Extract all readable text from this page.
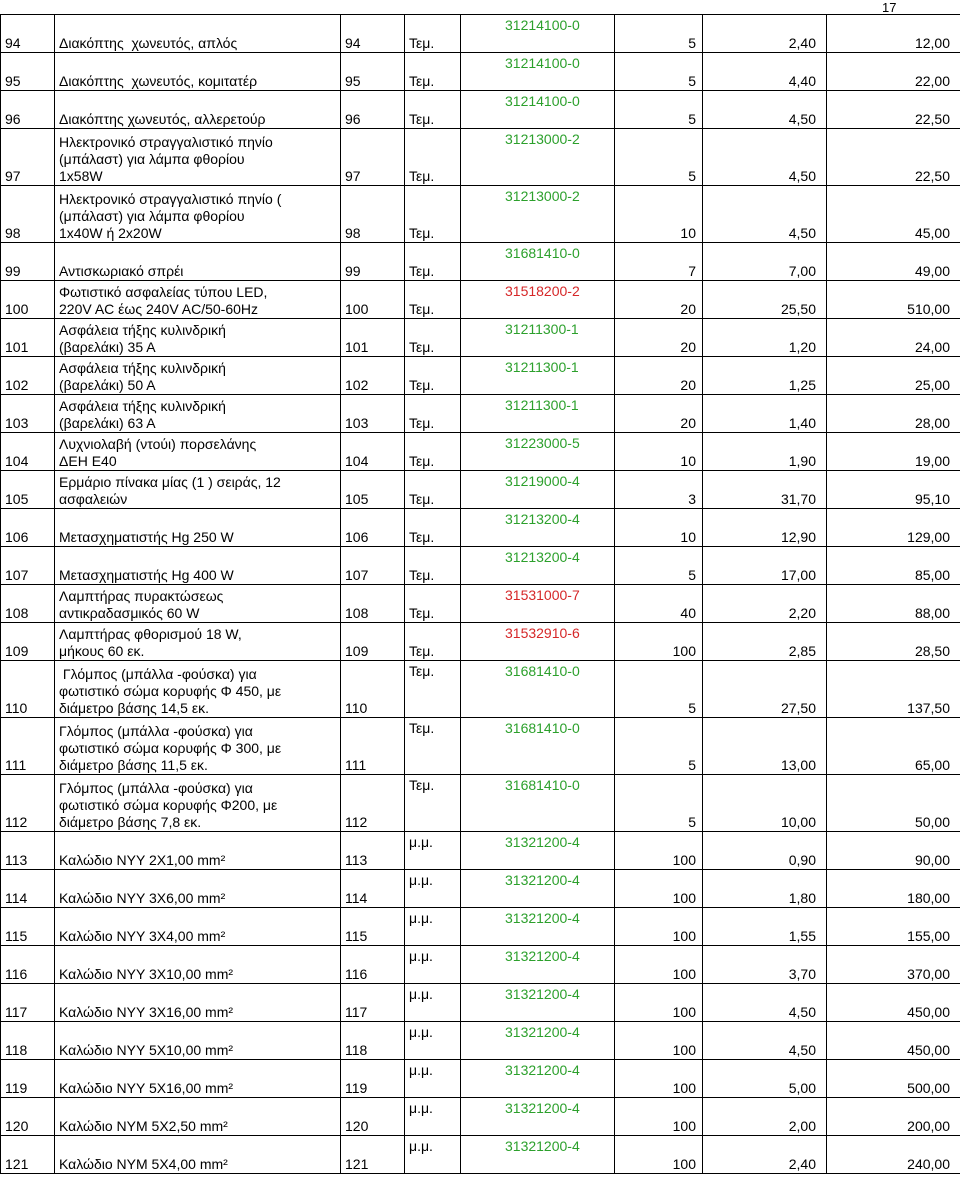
17
94	Διακόπτης  χωνευτός, απλός	94	Τεμ.	31214100-0	5	2,40	12,00
95	Διακόπτης  χωνευτός, κομιτατέρ	95	Τεμ.	31214100-0	5	4,40	22,00
96	Διακόπτης χωνευτός, αλλερετούρ	96	Τεμ.	31214100-0	5	4,50	22,50
97	Ηλεκτρονικό στραγγαλιστικό πηνίο
(μπάλαστ) για λάμπα φθορίου
1x58W	97	Τεμ.	31213000-2	5	4,50	22,50
98	Ηλεκτρονικό στραγγαλιστικό πηνίο (
(μπάλαστ) για λάμπα φθορίου
1x40W ή 2x20W	98	Τεμ.	31213000-2	10	4,50	45,00
99	Αντισκωριακό σπρέι	99	Τεμ.	31681410-0	7	7,00	49,00
100	Φωτιστικό ασφαλείας τύπου LED,
220V AC έως 240V AC/50-60Hz	100	Τεμ.	31518200-2	20	25,50	510,00
101	Ασφάλεια τήξης κυλινδρική
(βαρελάκι) 35 Α	101	Τεμ.	31211300-1	20	1,20	24,00
102	Ασφάλεια τήξης κυλινδρική
(βαρελάκι) 50 Α	102	Τεμ.	31211300-1	20	1,25	25,00
103	Ασφάλεια τήξης κυλινδρική
(βαρελάκι) 63 Α	103	Τεμ.	31211300-1	20	1,40	28,00
104	Λυχνιολαβή (ντούι) πορσελάνης
ΔΕΗ Ε40	104	Τεμ.	31223000-5	10	1,90	19,00
105	Ερμάριο πίνακα μίας (1 ) σειράς, 12
ασφαλειών	105	Τεμ.	31219000-4	3	31,70	95,10
106	Μετασχηματιστής Hg 250 W	106	Τεμ.	31213200-4	10	12,90	129,00
107	Μετασχηματιστής Hg 400 W	107	Τεμ.	31213200-4	5	17,00	85,00
108	Λαμπτήρας πυρακτώσεως
αντικραδασμικός 60 W	108	Τεμ.	31531000-7	40	2,20	88,00
109	Λαμπτήρας φθορισμού 18 W,
μήκους 60 εκ.	109	Τεμ.	31532910-6	100	2,85	28,50
110	Γλόμπος (μπάλλα -φούσκα) για
φωτιστικό σώμα κορυφής Φ 450, με
διάμετρο βάσης 14,5 εκ.	110	Τεμ.	31681410-0	5	27,50	137,50
111	Γλόμπος (μπάλλα -φούσκα) για
φωτιστικό σώμα κορυφής Φ 300, με
διάμετρο βάσης 11,5 εκ.	111	Τεμ.	31681410-0	5	13,00	65,00
112	Γλόμπος (μπάλλα -φούσκα) για
φωτιστικό σώμα κορυφής Φ200, με
διάμετρο βάσης 7,8 εκ.	112	Τεμ.	31681410-0	5	10,00	50,00
113	Καλώδιο ΝΥΥ 2Χ1,00 mm²	113	μ.μ.	31321200-4	100	0,90	90,00
114	Καλώδιο ΝΥΥ 3Χ6,00 mm²	114	μ.μ.	31321200-4	100	1,80	180,00
115	Καλώδιο ΝΥΥ 3Χ4,00 mm²	115	μ.μ.	31321200-4	100	1,55	155,00
116	Καλώδιο ΝΥΥ 3Χ10,00 mm²	116	μ.μ.	31321200-4	100	3,70	370,00
117	Καλώδιο ΝΥΥ 3Χ16,00 mm²	117	μ.μ.	31321200-4	100	4,50	450,00
118	Καλώδιο ΝΥΥ 5Χ10,00 mm²	118	μ.μ.	31321200-4	100	4,50	450,00
119	Καλώδιο ΝΥΥ 5Χ16,00 mm²	119	μ.μ.	31321200-4	100	5,00	500,00
120	Καλώδιο ΝΥΜ 5Χ2,50 mm²	120	μ.μ.	31321200-4	100	2,00	200,00
121	Καλώδιο ΝΥΜ 5Χ4,00 mm²	121	μ.μ.	31321200-4	100	2,40	240,00
